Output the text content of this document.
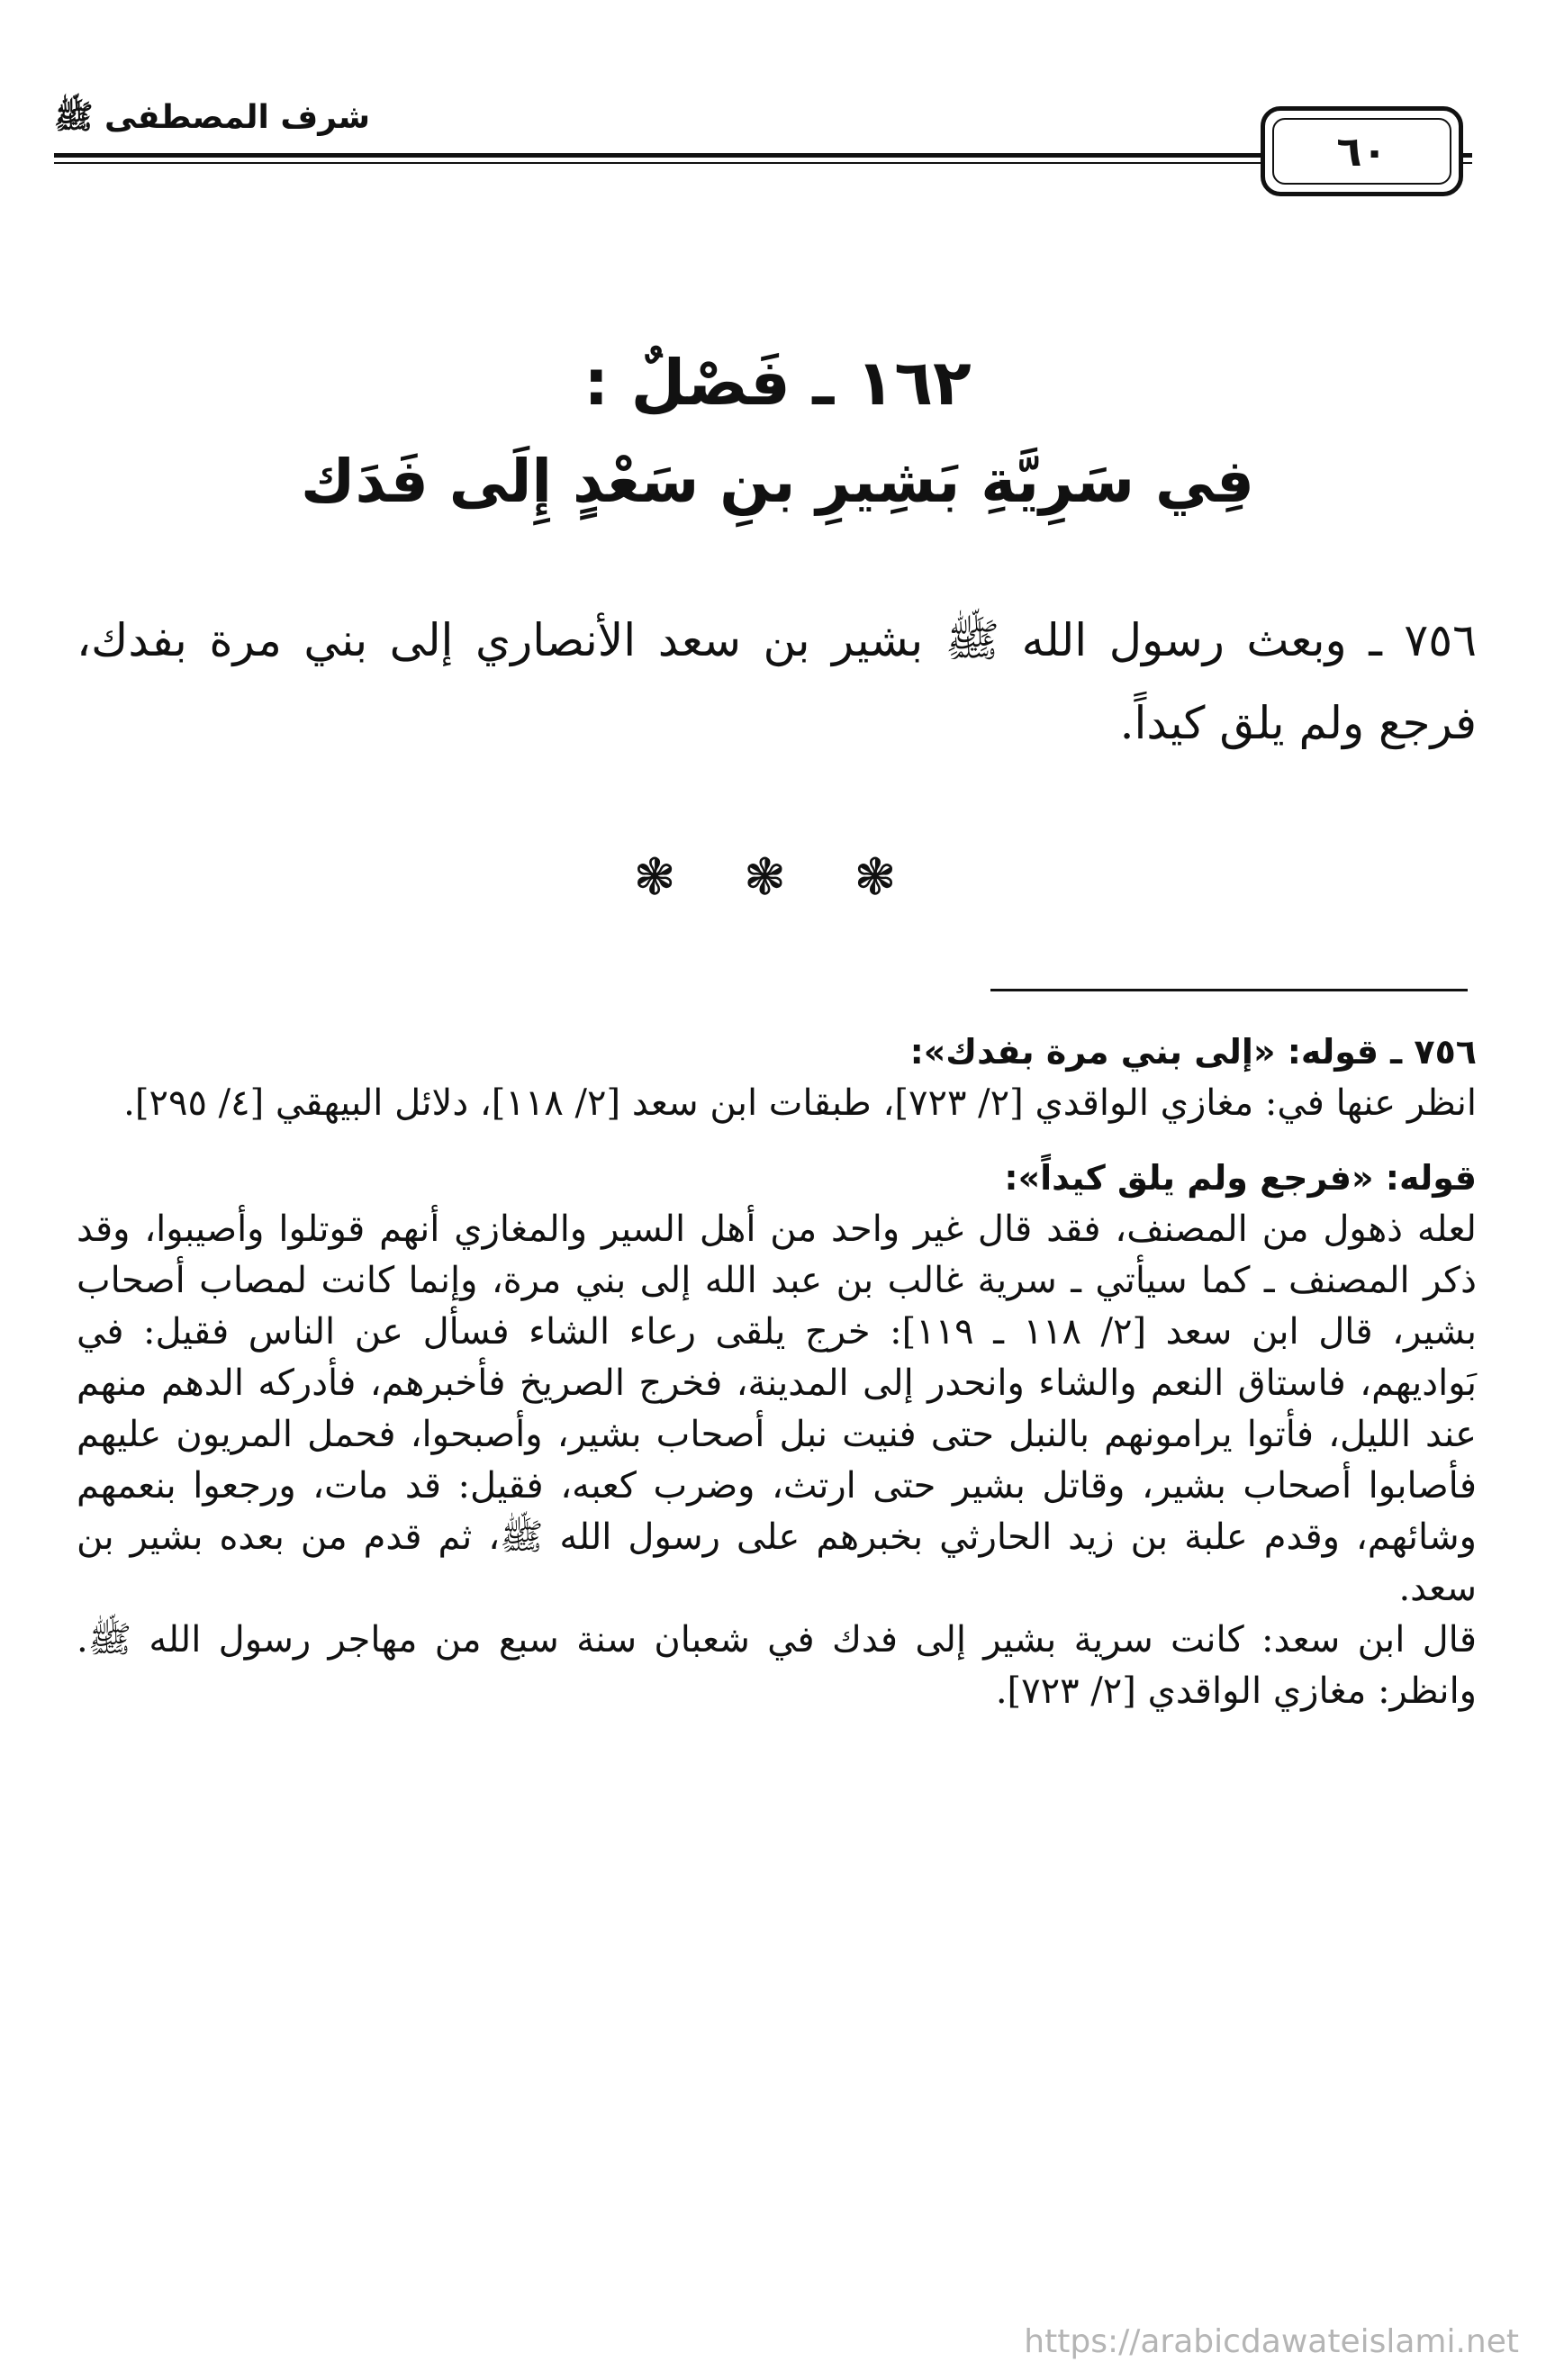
شرف المصطفى ﷺ
٦٠
١٦٢ ـ فَصْلٌ :
فِي سَرِيَّةِ بَشِيرِ بنِ سَعْدٍ إِلَى فَدَك

٧٥٦ ـ وبعث رسول الله ﷺ بشير بن سعد الأنصاري إلى بني مرة بفدك، فرجع ولم يلق كيداً.

❃ ❃ ❃

٧٥٦ ـ قوله: «إلى بني مرة بفدك»:

انظر عنها في: مغازي الواقدي [٢/ ٧٢٣]، طبقات ابن سعد [٢/ ١١٨]، دلائل البيهقي [٤/ ٢٩٥].

قوله: «فرجع ولم يلق كيداً»:

لعله ذهول من المصنف، فقد قال غير واحد من أهل السير والمغازي أنهم قوتلوا وأصيبوا، وقد ذكر المصنف ـ كما سيأتي ـ سرية غالب بن عبد الله إلى بني مرة، وإنما كانت لمصاب أصحاب بشير، قال ابن سعد [٢/ ١١٨ ـ ١١٩]: خرج يلقى رعاء الشاء فسأل عن الناس فقيل: في بَواديهم، فاستاق النعم والشاء وانحدر إلى المدينة، فخرج الصريخ فأخبرهم، فأدركه الدهم منهم عند الليل، فأتوا يرامونهم بالنبل حتى فنيت نبل أصحاب بشير، وأصبحوا، فحمل المريون عليهم فأصابوا أصحاب بشير، وقاتل بشير حتى ارتث، وضرب كعبه، فقيل: قد مات، ورجعوا بنعمهم وشائهم، وقدم علبة بن زيد الحارثي بخبرهم على رسول الله ﷺ، ثم قدم من بعده بشير بن سعد.

قال ابن سعد: كانت سرية بشير إلى فدك في شعبان سنة سبع من مهاجر رسول الله ﷺ. وانظر: مغازي الواقدي [٢/ ٧٢٣].

https://arabicdawateislami.net
